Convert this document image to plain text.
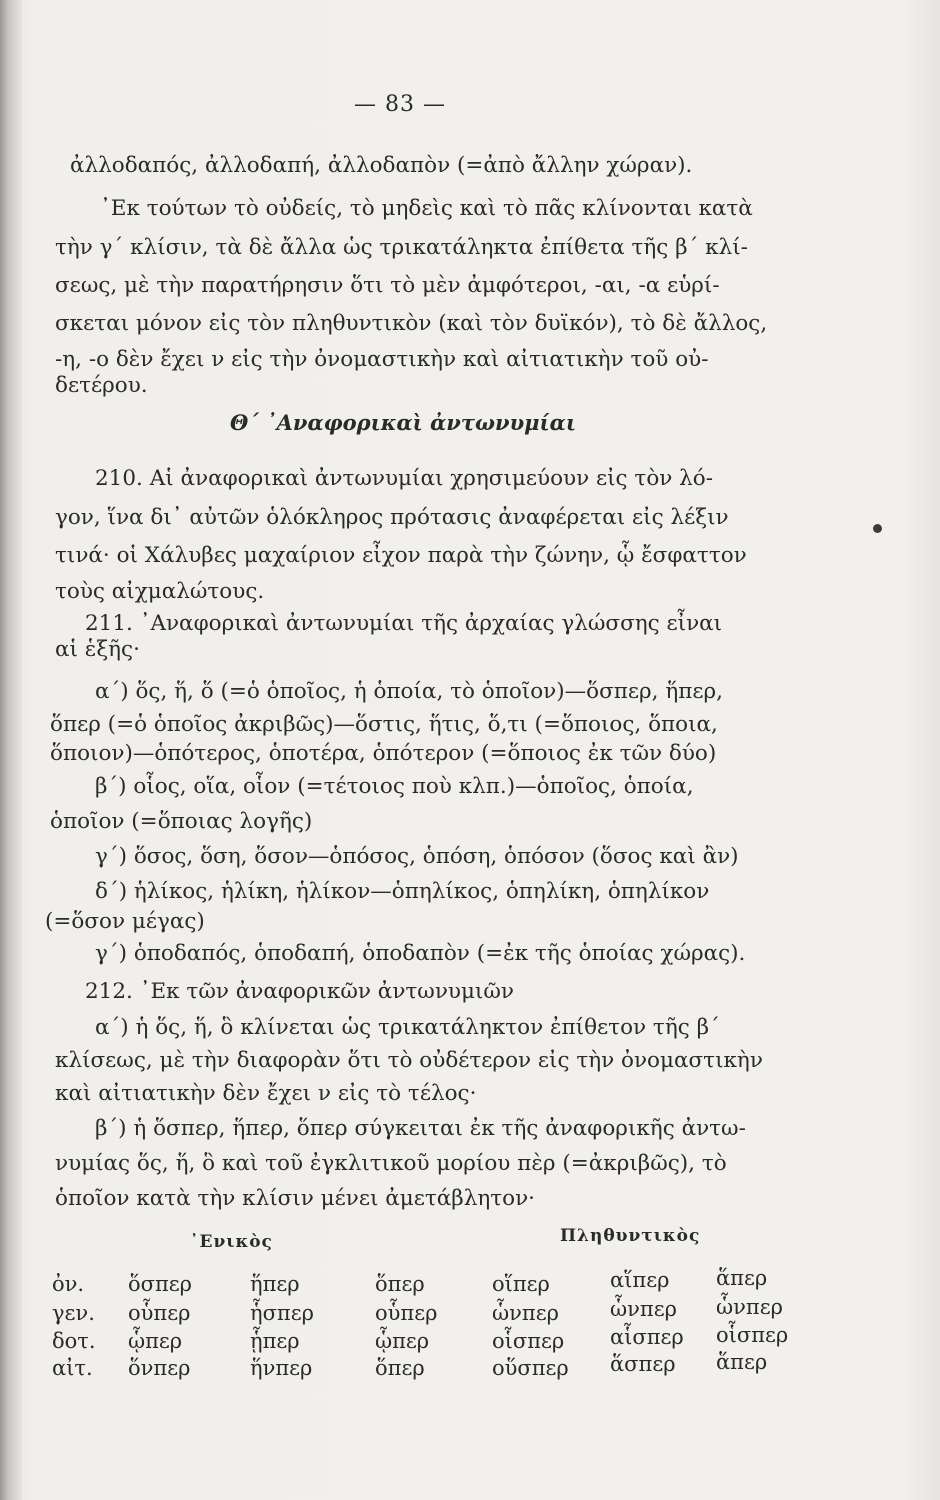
— 83 —
ἀλλοδαπός, ἀλλοδαπή, ἀλλοδαπὸν (=ἀπὸ ἄλλην χώραν).
᾿Εκ τούτων τὸ οὐδείς, τὸ μηδεὶς καὶ τὸ πᾶς κλίνονται κατὰ
τὴν γ΄ κλίσιν, τὰ δὲ ἄλλα ὡς τρικατάληκτα ἐπίθετα τῆς β΄ κλί-
σεως, μὲ τὴν παρατήρησιν ὅτι τὸ μὲν ἀμφότεροι, -αι, -α εὑρί-
σκεται μόνον εἰς τὸν πληθυντικὸν (καὶ τὸν δυϊκόν), τὸ δὲ ἄλλος,
-η, -ο δὲν ἔχει ν εἰς τὴν ὀνομαστικὴν καὶ αἰτιατικὴν τοῦ οὐ-
δετέρου.
Θ΄ ᾿Αναφορικαὶ ἀντωνυμίαι
210. Αἱ ἀναφορικαὶ ἀντωνυμίαι χρησιμεύουν εἰς τὸν λό-
γον, ἵνα δι᾿ αὐτῶν ὁλόκληρος πρότασις ἀναφέρεται εἰς λέξιν
τινά· οἱ Χάλυβες μαχαίριον εἶχον παρὰ τὴν ζώνην, ᾧ ἔσφαττον
τοὺς αἰχμαλώτους.
211. ᾿Αναφορικαὶ ἀντωνυμίαι τῆς ἀρχαίας γλώσσης εἶναι
αἱ ἑξῆς·
α΄) ὅς, ἥ, ὅ (=ὁ ὁποῖος, ἡ ὁποία, τὸ ὁποῖον)—ὅσπερ, ἥπερ,
ὅπερ (=ὁ ὁποῖος ἀκριβῶς)—ὅστις, ἥτις, ὅ,τι (=ὅποιος, ὅποια,
ὅποιον)—ὁπότερος, ὁποτέρα, ὁπότερον (=ὅποιος ἐκ τῶν δύο)
β΄) οἷος, οἵα, οἷον (=τέτοιος ποὺ κλπ.)—ὁποῖος, ὁποία,
ὁποῖον (=ὅποιας λογῆς)
γ΄) ὅσος, ὅση, ὅσον—ὁπόσος, ὁπόση, ὁπόσον (ὅσος καὶ ἂν)
δ΄) ἡλίκος, ἡλίκη, ἡλίκον—ὁπηλίκος, ὁπηλίκη, ὁπηλίκον
(=ὅσον μέγας)
γ΄) ὁποδαπός, ὁποδαπή, ὁποδαπὸν (=ἐκ τῆς ὁποίας χώρας).
212. ᾿Εκ τῶν ἀναφορικῶν ἀντωνυμιῶν
α΄) ἡ ὅς, ἥ, ὃ κλίνεται ὡς τρικατάληκτον ἐπίθετον τῆς β΄
κλίσεως, μὲ τὴν διαφορὰν ὅτι τὸ οὐδέτερον εἰς τὴν ὀνομαστικὴν
καὶ αἰτιατικὴν δὲν ἔχει ν εἰς τὸ τέλος·
β΄) ἡ ὅσπερ, ἥπερ, ὅπερ σύγκειται ἐκ τῆς ἀναφορικῆς ἀντω-
νυμίας ὅς, ἥ, ὃ καὶ τοῦ ἐγκλιτικοῦ μορίου πὲρ (=ἀκριβῶς), τὸ
ὁποῖον κατὰ τὴν κλίσιν μένει ἀμετάβλητον·
᾿Ενικὸς	Πληθυντικὸς
ὀν. ὅσπερ	ἥπερ	ὅπερ	οἵπερ	αἵπερ ἅπερ
γεν. οὗπερ	ἧσπερ	οὗπερ	ὧνπερ ὧνπερ ὧνπερ
δοτ. ᾧπερ	ᾗπερ	ᾧπερ	οἷσπερ αἷσπερ οἷσπερ
αἰτ. ὅνπερ	ἥνπερ	ὅπερ	οὕσπερ ἅσπερ ἅπερ
